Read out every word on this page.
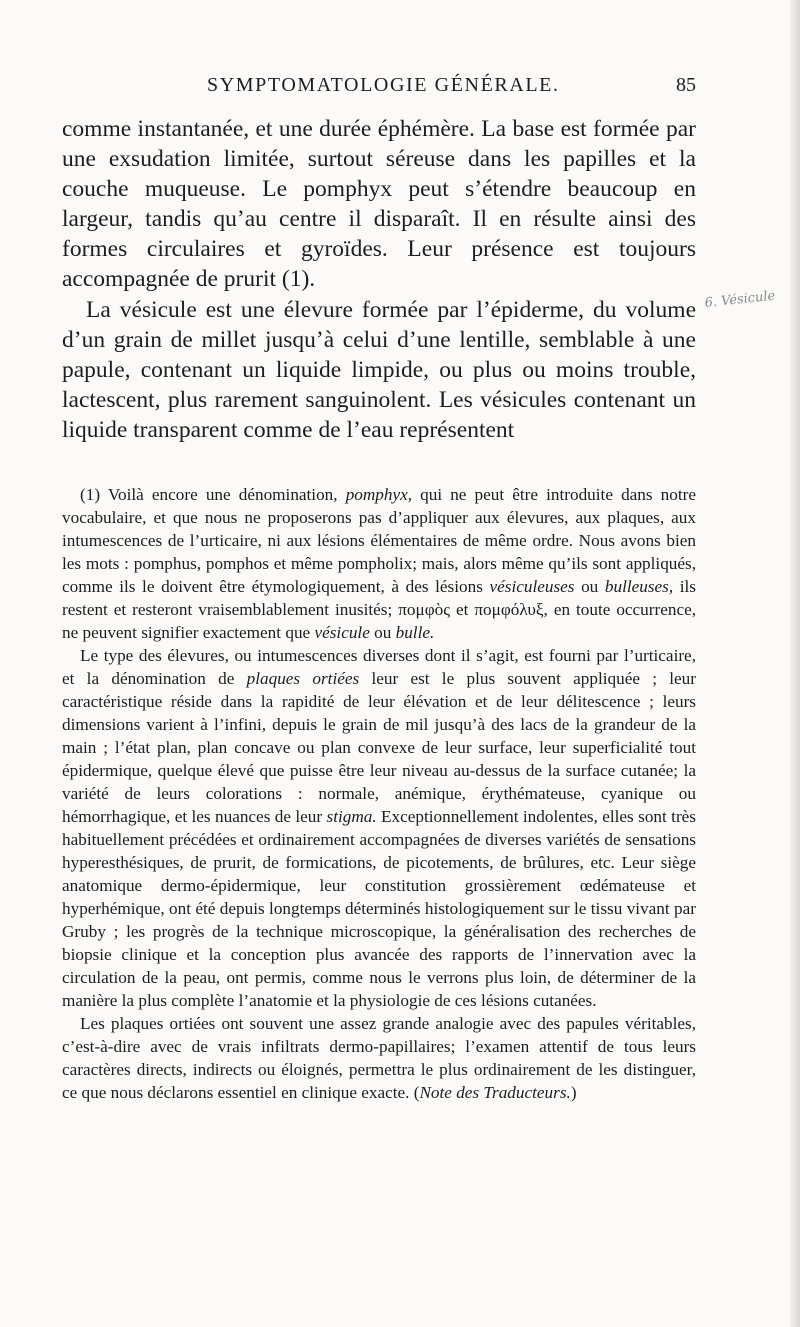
SYMPTOMATOLOGIE GÉNÉRALE.	85
6. Vésicule

comme instantanée, et une durée éphémère. La base est formée par une exsudation limitée, surtout séreuse dans les papilles et la couche muqueuse. Le pomphyx peut s’étendre beaucoup en largeur, tandis qu’au centre il disparaît. Il en résulte ainsi des formes circulaires et gyroïdes. Leur présence est toujours accompagnée de prurit (1).

La vésicule est une élevure formée par l’épiderme, du volume d’un grain de millet jusqu’à celui d’une lentille, semblable à une papule, contenant un liquide limpide, ou plus ou moins trouble, lactescent, plus rarement sanguinolent. Les vésicules contenant un liquide transparent comme de l’eau représentent

(1) Voilà encore une dénomination, pomphyx, qui ne peut être introduite dans notre vocabulaire, et que nous ne proposerons pas d’appliquer aux élevures, aux plaques, aux intumescences de l’urticaire, ni aux lésions élémentaires de même ordre. Nous avons bien les mots : pomphus, pomphos et même pompholix; mais, alors même qu’ils sont appliqués, comme ils le doivent être étymologiquement, à des lésions vésiculeuses ou bulleuses, ils restent et resteront vraisemblablement inusités; πομφὸς et πομφόλυξ, en toute occurrence, ne peuvent signifier exactement que vésicule ou bulle.

Le type des élevures, ou intumescences diverses dont il s’agit, est fourni par l’urticaire, et la dénomination de plaques ortiées leur est le plus souvent appliquée ; leur caractéristique réside dans la rapidité de leur élévation et de leur délitescence ; leurs dimensions varient à l’infini, depuis le grain de mil jusqu’à des lacs de la grandeur de la main ; l’état plan, plan concave ou plan convexe de leur surface, leur superficialité tout épidermique, quelque élevé que puisse être leur niveau au-dessus de la surface cutanée; la variété de leurs colorations : normale, anémique, érythémateuse, cyanique ou hémorrhagique, et les nuances de leur stigma. Exceptionnellement indolentes, elles sont très habituellement précédées et ordinairement accompagnées de diverses variétés de sensations hyperesthésiques, de prurit, de formications, de picotements, de brûlures, etc. Leur siège anatomique dermo-épidermique, leur constitution grossièrement œdémateuse et hyperhémique, ont été depuis longtemps déterminés histologiquement sur le tissu vivant par Gruby ; les progrès de la technique microscopique, la généralisation des recherches de biopsie clinique et la conception plus avancée des rapports de l’innervation avec la circulation de la peau, ont permis, comme nous le verrons plus loin, de déterminer de la manière la plus complète l’anatomie et la physiologie de ces lésions cutanées.

Les plaques ortiées ont souvent une assez grande analogie avec des papules véritables, c’est-à-dire avec de vrais infiltrats dermo-papillaires; l’examen attentif de tous leurs caractères directs, indirects ou éloignés, permettra le plus ordinairement de les distinguer, ce que nous déclarons essentiel en clinique exacte. (Note des Traducteurs.)
